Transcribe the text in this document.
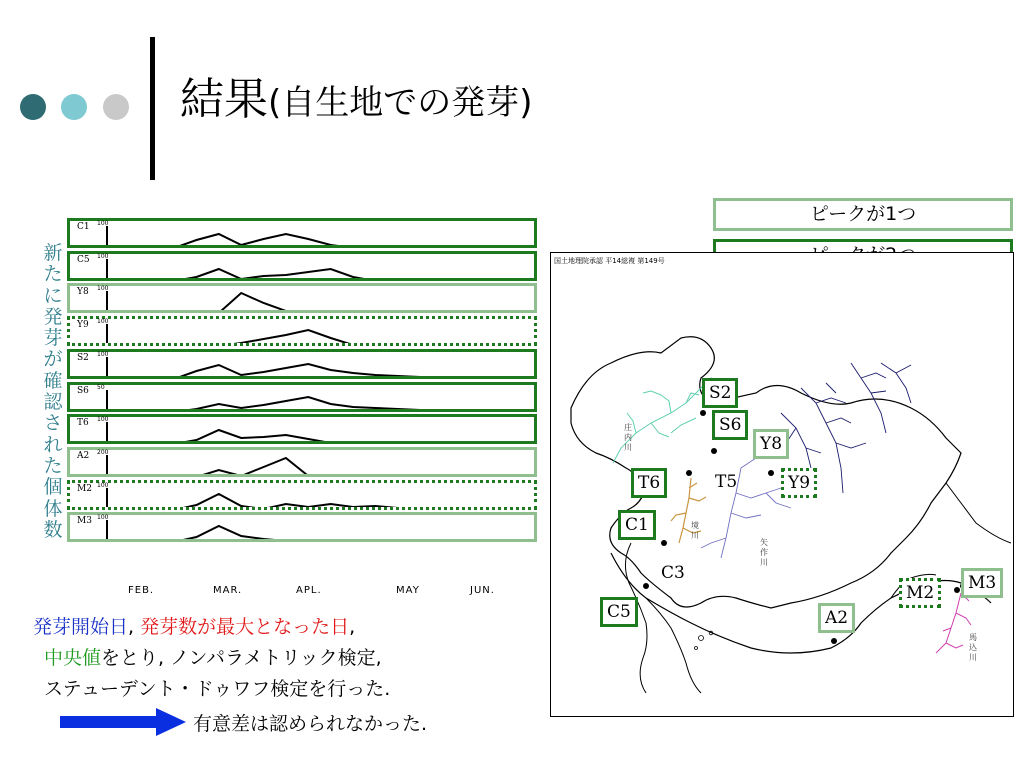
結果(自生地での発芽)
新
た
に
発
芽
が
確
認
さ
れ
た
個
体
数
C1 100
C5 100
Y8 100
Y9 100
S2 100
S6 50
T6 100
A2 200
M2 100
M3 100
FEB.	MAR.	APL.	MAY	JUN.
発芽開始日, 発芽数が最大となった日,
中央値をとり, ノンパラメトリック検定,
ステューデント・ドゥワフ検定を行った.
有意差は認められなかった.
ピークが1つ
国土地理院承認 平14総複 第149号
庄
内
川
境
川
矢
作
川
馬
込
川
S2
S6
Y8
T5	Y9
T6
C1
C3
C5	A2
M2	M3
